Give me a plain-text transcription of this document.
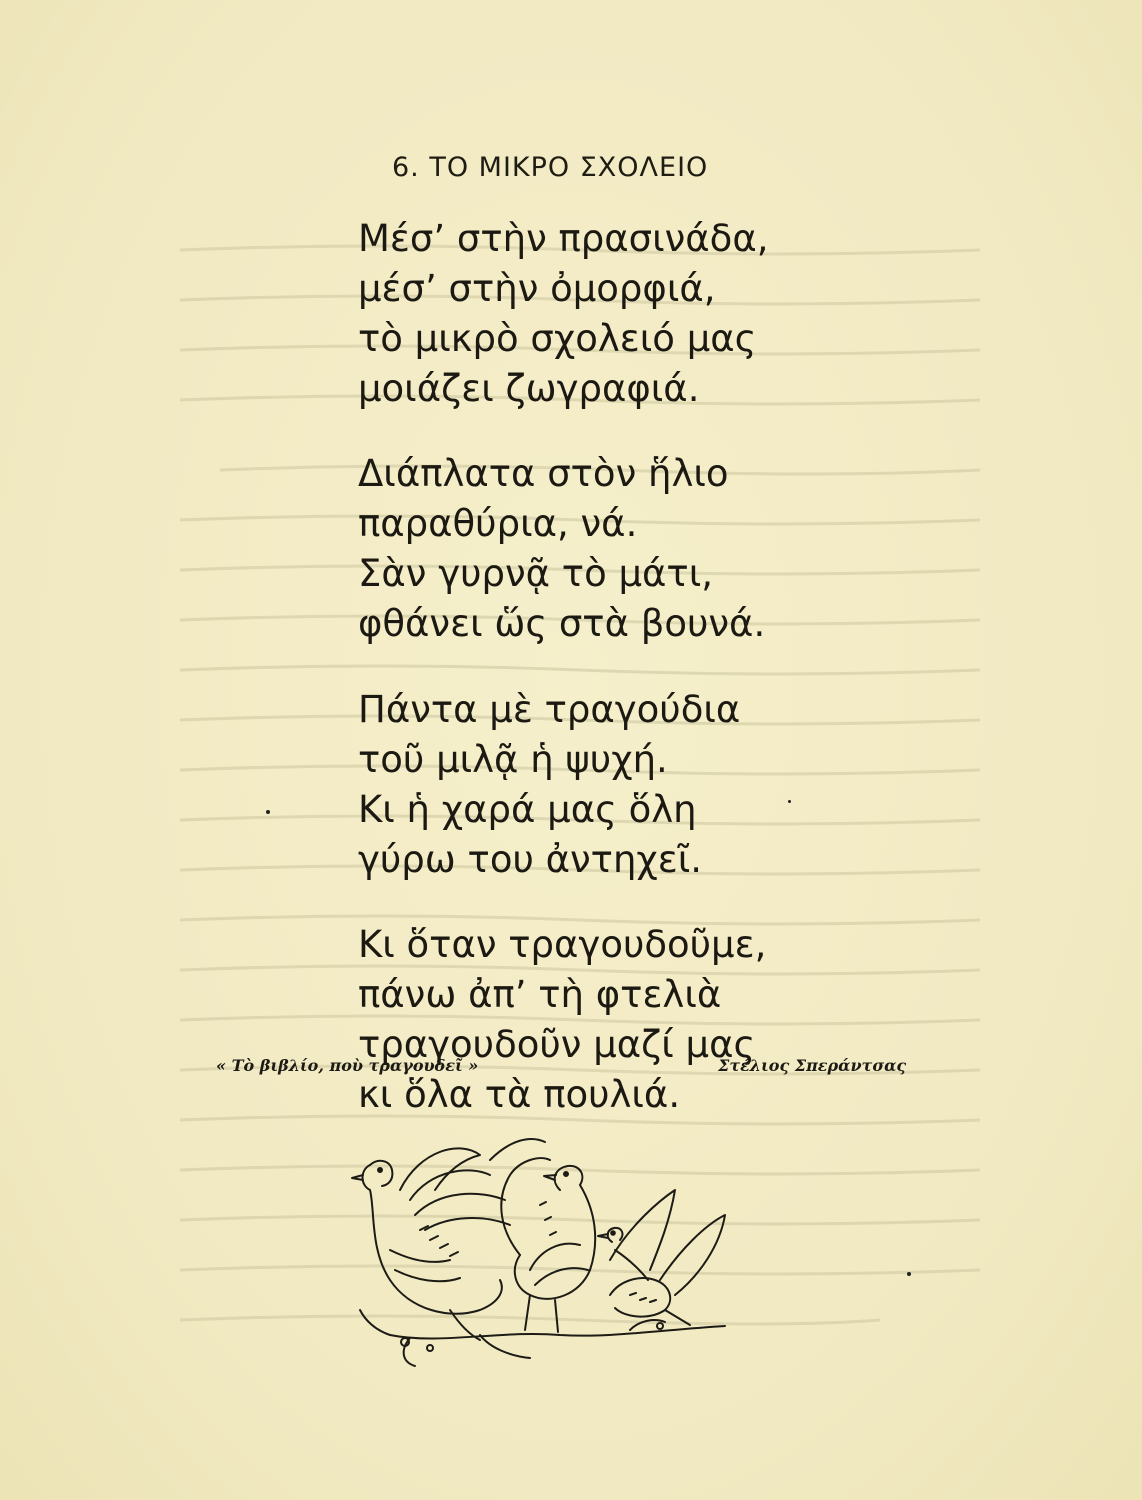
6. ΤΟ ΜΙΚΡΟ ΣΧΟΛΕΙΟ
Μέσ’ στὴν πρασινάδα,
μέσ’ στὴν ὀμορφιά,
τὸ μικρὸ σχολειό μας
μοιάζει ζωγραφιά.
Διάπλατα στὸν ἥλιο
παραθύρια, νά.
Σὰν γυρνᾷ τὸ μάτι,
φθάνει ὥς στὰ βουνά.
Πάντα μὲ τραγούδια
τοῦ μιλᾷ ἡ ψυχή.
Κι ἡ χαρά μας ὅλη
γύρω του ἀντηχεῖ.
Κι ὅταν τραγουδοῦμε,
πάνω ἀπ’ τὴ φτελιὰ
τραγουδοῦν μαζί μας
κι ὅλα τὰ πουλιά.
« Τὸ βιβλίο, ποὺ τραγουδεῖ »	Στέλιος Σπεράντσας
